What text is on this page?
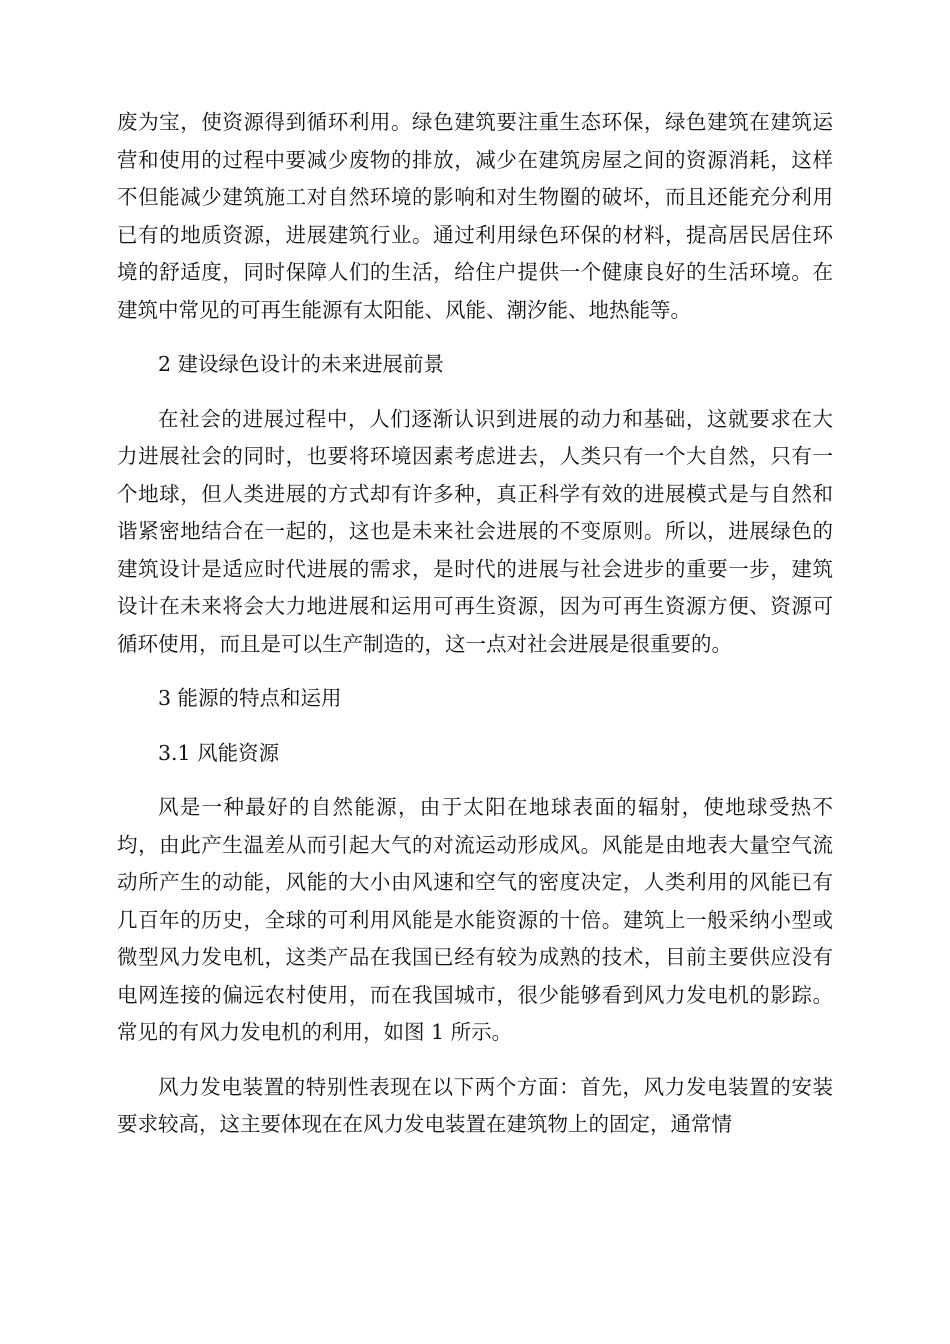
废为宝，使资源得到循环利用。绿色建筑要注重生态环保，绿色建筑在建筑运营和使用的过程中要减少废物的排放，减少在建筑房屋之间的资源消耗，这样不但能减少建筑施工对自然环境的影响和对生物圈的破坏，而且还能充分利用已有的地质资源，进展建筑行业。通过利用绿色环保的材料，提高居民居住环境的舒适度，同时保障人们的生活，给住户提供一个健康良好的生活环境。在建筑中常见的可再生能源有太阳能、风能、潮汐能、地热能等。

2 建设绿色设计的未来进展前景

在社会的进展过程中，人们逐渐认识到进展的动力和基础，这就要求在大力进展社会的同时，也要将环境因素考虑进去，人类只有一个大自然，只有一个地球，但人类进展的方式却有许多种，真正科学有效的进展模式是与自然和谐紧密地结合在一起的，这也是未来社会进展的不变原则。所以，进展绿色的建筑设计是适应时代进展的需求，是时代的进展与社会进步的重要一步，建筑设计在未来将会大力地进展和运用可再生资源，因为可再生资源方便、资源可循环使用，而且是可以生产制造的，这一点对社会进展是很重要的。

3 能源的特点和运用

3.1 风能资源

风是一种最好的自然能源，由于太阳在地球表面的辐射，使地球受热不均，由此产生温差从而引起大气的对流运动形成风。风能是由地表大量空气流动所产生的动能，风能的大小由风速和空气的密度决定，人类利用的风能已有几百年的历史，全球的可利用风能是水能资源的十倍。建筑上一般采纳小型或微型风力发电机，这类产品在我国已经有较为成熟的技术，目前主要供应没有电网连接的偏远农村使用，而在我国城市，很少能够看到风力发电机的影踪。常见的有风力发电机的利用，如图 1 所示。

风力发电装置的特别性表现在以下两个方面：首先，风力发电装置的安装要求较高，这主要体现在在风力发电装置在建筑物上的固定，通常情
